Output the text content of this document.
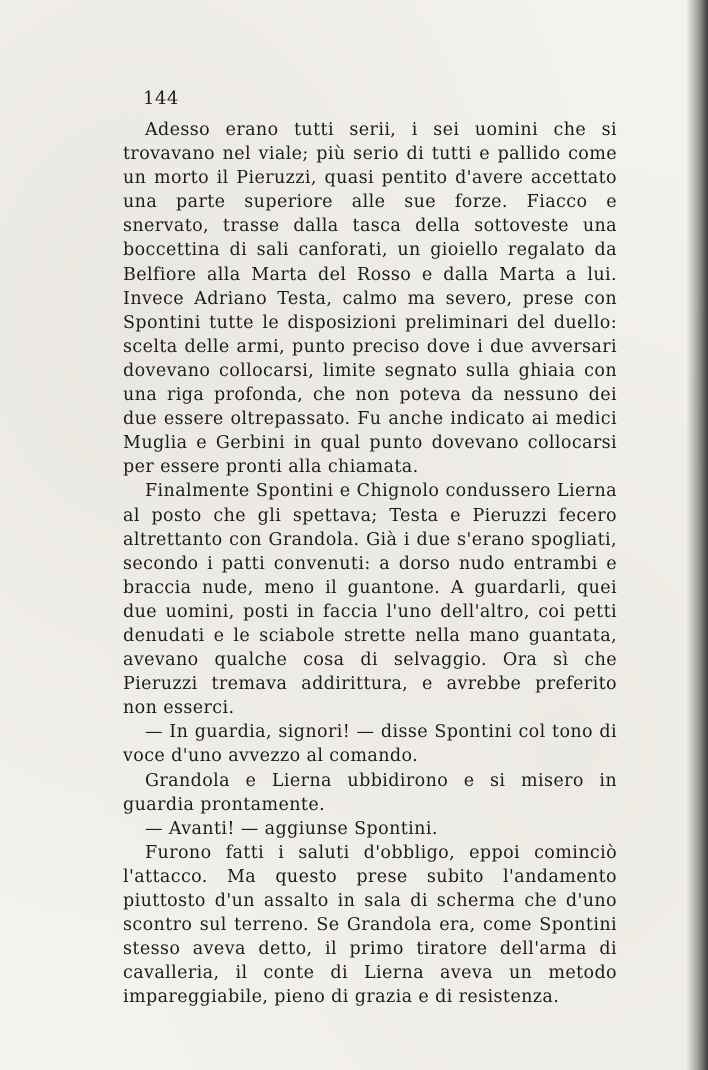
144

Adesso erano tutti serii, i sei uomini che si trovavano nel viale; più serio di tutti e pallido come un morto il Pieruzzi, quasi pentito d'avere accettato una parte superiore alle sue forze. Fiacco e snervato, trasse dalla tasca della sottoveste una boccettina di sali canforati, un gioiello regalato da Belfiore alla Marta del Rosso e dalla Marta a lui. Invece Adriano Testa, calmo ma severo, prese con Spontini tutte le disposizioni preliminari del duello: scelta delle armi, punto preciso dove i due avversari dovevano collocarsi, limite segnato sulla ghiaia con una riga profonda, che non poteva da nessuno dei due essere oltrepassato. Fu anche indicato ai medici Muglia e Gerbini in qual punto dovevano collocarsi per essere pronti alla chiamata.

Finalmente Spontini e Chignolo condussero Lierna al posto che gli spettava; Testa e Pieruzzi fecero altrettanto con Grandola. Già i due s'erano spogliati, secondo i patti convenuti: a dorso nudo entrambi e braccia nude, meno il guantone. A guardarli, quei due uomini, posti in faccia l'uno dell'altro, coi petti denudati e le sciabole strette nella mano guantata, avevano qualche cosa di selvaggio. Ora sì che Pieruzzi tremava addirittura, e avrebbe preferito non esserci.

— In guardia, signori! — disse Spontini col tono di voce d'uno avvezzo al comando.

Grandola e Lierna ubbidirono e si misero in guardia prontamente.

— Avanti! — aggiunse Spontini.

Furono fatti i saluti d'obbligo, eppoi cominciò l'attacco. Ma questo prese subito l'andamento piuttosto d'un assalto in sala di scherma che d'uno scontro sul terreno. Se Grandola era, come Spontini stesso aveva detto, il primo tiratore dell'arma di cavalleria, il conte di Lierna aveva un metodo impareggiabile, pieno di grazia e di resistenza.
